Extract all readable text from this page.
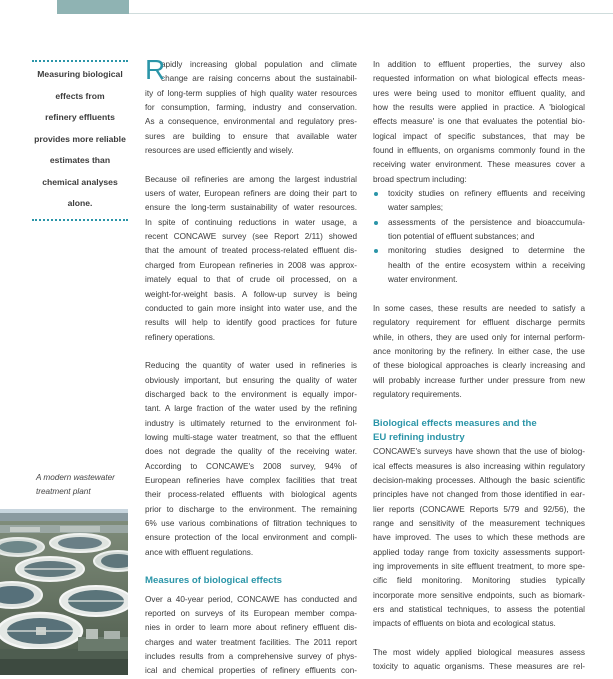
Measuring biological
effects from
refinery effluents
provides more reliable
estimates than
chemical analyses
alone.
A modern wastewater
treatment plant
R
apidly increasing global population and climate
change are raising concerns about the sustainabil-
ity of long-term supplies of high quality water resources
for consumption, farming, industry and conservation.
As a consequence, environmental and regulatory pres-
sures are building to ensure that available water
resources are used efficiently and wisely.
Because oil refineries are among the largest industrial
users of water, European refiners are doing their part to
ensure the long-term sustainability of water resources.
In spite of continuing reductions in water usage, a
recent CONCAWE survey (see Report 2/11) showed
that the amount of treated process-related effluent dis-
charged from European refineries in 2008 was approx-
imately equal to that of crude oil processed, on a
weight-for-weight basis. A follow-up survey is being
conducted to gain more insight into water use, and the
results will help to identify good practices for future
refinery operations.
Reducing the quantity of water used in refineries is
obviously important, but ensuring the quality of water
discharged back to the environment is equally impor-
tant. A large fraction of the water used by the refining
industry is ultimately returned to the environment fol-
lowing multi-stage water treatment, so that the effluent
does not degrade the quality of the receiving water.
According to CONCAWE's 2008 survey, 94% of
European refineries have complex facilities that treat
their process-related effluents with biological agents
prior to discharge to the environment. The remaining
6% use various combinations of filtration techniques to
ensure protection of the local environment and compli-
ance with effluent regulations.
Measures of biological effects
Over a 40-year period, CONCAWE has conducted and
reported on surveys of its European member compa-
nies in order to learn more about refinery effluent dis-
charges and water treatment facilities. The 2011 report
includes results from a comprehensive survey of phys-
ical and chemical properties of refinery effluents con-
In addition to effluent properties, the survey also
requested information on what biological effects meas-
ures were being used to monitor effluent quality, and
how the results were applied in practice. A 'biological
effects measure' is one that evaluates the potential bio-
logical impact of specific substances, that may be
found in effluents, on organisms commonly found in the
receiving water environment. These measures cover a
broad spectrum including:
toxicity studies on refinery effluents and receiving
water samples;
assessments of the persistence and bioaccumula-
tion potential of effluent substances; and
monitoring studies designed to determine the
health of the entire ecosystem within a receiving
water environment.
In some cases, these results are needed to satisfy a
regulatory requirement for effluent discharge permits
while, in others, they are used only for internal perform-
ance monitoring by the refinery. In either case, the use
of these biological approaches is clearly increasing and
will probably increase further under pressure from new
regulatory requirements.
Biological effects measures and the
EU refining industry
CONCAWE's surveys have shown that the use of biolog-
ical effects measures is also increasing within regulatory
decision-making processes. Although the basic scientific
principles have not changed from those identified in ear-
lier reports (CONCAWE Reports 5/79 and 92/56), the
range and sensitivity of the measurement techniques
have improved. The uses to which these methods are
applied today range from toxicity assessments support-
ing improvements in site effluent treatment, to more spe-
cific field monitoring. Monitoring studies typically
incorporate more sensitive endpoints, such as biomark-
ers and statistical techniques, to assess the potential
impacts of effluents on biota and ecological status.
The most widely applied biological measures assess
toxicity to aquatic organisms. These measures are rel-
